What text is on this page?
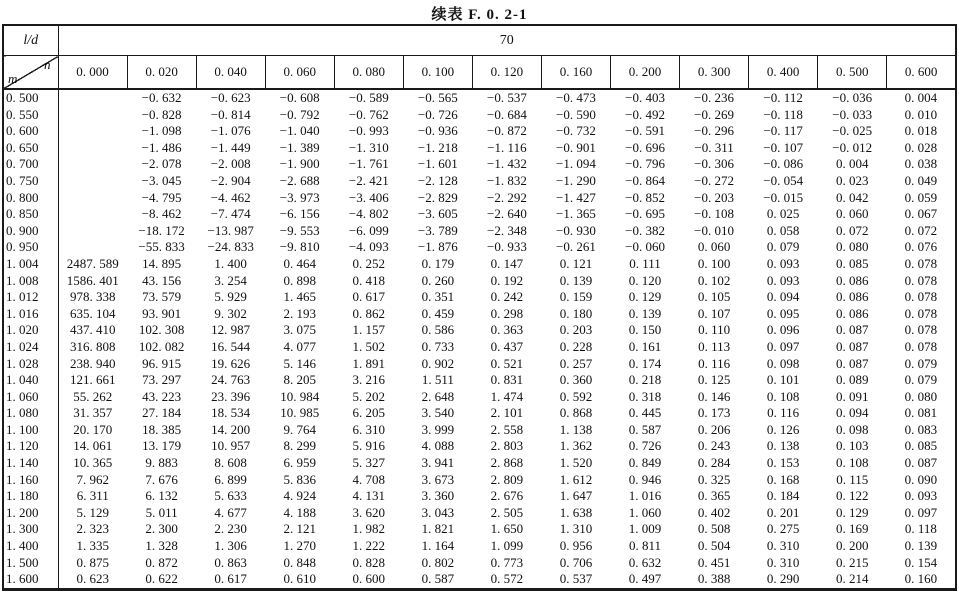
续表 F. 0. 2-1
l/d	70												

n
m	0. 000	0. 020	0. 040	0. 060	0. 080	0. 100	0. 120	0. 160	0. 200	0. 300	0. 400	0. 500	0. 600
0. 500		−0. 632	−0. 623	−0. 608	−0. 589	−0. 565	−0. 537	−0. 473	−0. 403	−0. 236	−0. 112	−0. 036	0. 004
0. 550		−0. 828	−0. 814	−0. 792	−0. 762	−0. 726	−0. 684	−0. 590	−0. 492	−0. 269	−0. 118	−0. 033	0. 010
0. 600		−1. 098	−1. 076	−1. 040	−0. 993	−0. 936	−0. 872	−0. 732	−0. 591	−0. 296	−0. 117	−0. 025	0. 018
0. 650		−1. 486	−1. 449	−1. 389	−1. 310	−1. 218	−1. 116	−0. 901	−0. 696	−0. 311	−0. 107	−0. 012	0. 028
0. 700		−2. 078	−2. 008	−1. 900	−1. 761	−1. 601	−1. 432	−1. 094	−0. 796	−0. 306	−0. 086	0. 004	0. 038
0. 750		−3. 045	−2. 904	−2. 688	−2. 421	−2. 128	−1. 832	−1. 290	−0. 864	−0. 272	−0. 054	0. 023	0. 049
0. 800		−4. 795	−4. 462	−3. 973	−3. 406	−2. 829	−2. 292	−1. 427	−0. 852	−0. 203	−0. 015	0. 042	0. 059
0. 850		−8. 462	−7. 474	−6. 156	−4. 802	−3. 605	−2. 640	−1. 365	−0. 695	−0. 108	0. 025	0. 060	0. 067
0. 900		−18. 172	−13. 987	−9. 553	−6. 099	−3. 789	−2. 348	−0. 930	−0. 382	−0. 010	0. 058	0. 072	0. 072
0. 950		−55. 833	−24. 833	−9. 810	−4. 093	−1. 876	−0. 933	−0. 261	−0. 060	0. 060	0. 079	0. 080	0. 076
1. 004	2487. 589	14. 895	1. 400	0. 464	0. 252	0. 179	0. 147	0. 121	0. 111	0. 100	0. 093	0. 085	0. 078
1. 008	1586. 401	43. 156	3. 254	0. 898	0. 418	0. 260	0. 192	0. 139	0. 120	0. 102	0. 093	0. 086	0. 078
1. 012	978. 338	73. 579	5. 929	1. 465	0. 617	0. 351	0. 242	0. 159	0. 129	0. 105	0. 094	0. 086	0. 078
1. 016	635. 104	93. 901	9. 302	2. 193	0. 862	0. 459	0. 298	0. 180	0. 139	0. 107	0. 095	0. 086	0. 078
1. 020	437. 410	102. 308	12. 987	3. 075	1. 157	0. 586	0. 363	0. 203	0. 150	0. 110	0. 096	0. 087	0. 078
1. 024	316. 808	102. 082	16. 544	4. 077	1. 502	0. 733	0. 437	0. 228	0. 161	0. 113	0. 097	0. 087	0. 078
1. 028	238. 940	96. 915	19. 626	5. 146	1. 891	0. 902	0. 521	0. 257	0. 174	0. 116	0. 098	0. 087	0. 079
1. 040	121. 661	73. 297	24. 763	8. 205	3. 216	1. 511	0. 831	0. 360	0. 218	0. 125	0. 101	0. 089	0. 079
1. 060	55. 262	43. 223	23. 396	10. 984	5. 202	2. 648	1. 474	0. 592	0. 318	0. 146	0. 108	0. 091	0. 080
1. 080	31. 357	27. 184	18. 534	10. 985	6. 205	3. 540	2. 101	0. 868	0. 445	0. 173	0. 116	0. 094	0. 081
1. 100	20. 170	18. 385	14. 200	9. 764	6. 310	3. 999	2. 558	1. 138	0. 587	0. 206	0. 126	0. 098	0. 083
1. 120	14. 061	13. 179	10. 957	8. 299	5. 916	4. 088	2. 803	1. 362	0. 726	0. 243	0. 138	0. 103	0. 085
1. 140	10. 365	9. 883	8. 608	6. 959	5. 327	3. 941	2. 868	1. 520	0. 849	0. 284	0. 153	0. 108	0. 087
1. 160	7. 962	7. 676	6. 899	5. 836	4. 708	3. 673	2. 809	1. 612	0. 946	0. 325	0. 168	0. 115	0. 090
1. 180	6. 311	6. 132	5. 633	4. 924	4. 131	3. 360	2. 676	1. 647	1. 016	0. 365	0. 184	0. 122	0. 093
1. 200	5. 129	5. 011	4. 677	4. 188	3. 620	3. 043	2. 505	1. 638	1. 060	0. 402	0. 201	0. 129	0. 097
1. 300	2. 323	2. 300	2. 230	2. 121	1. 982	1. 821	1. 650	1. 310	1. 009	0. 508	0. 275	0. 169	0. 118
1. 400	1. 335	1. 328	1. 306	1. 270	1. 222	1. 164	1. 099	0. 956	0. 811	0. 504	0. 310	0. 200	0. 139
1. 500	0. 875	0. 872	0. 863	0. 848	0. 828	0. 802	0. 773	0. 706	0. 632	0. 451	0. 310	0. 215	0. 154
1. 600	0. 623	0. 622	0. 617	0. 610	0. 600	0. 587	0. 572	0. 537	0. 497	0. 388	0. 290	0. 214	0. 160
